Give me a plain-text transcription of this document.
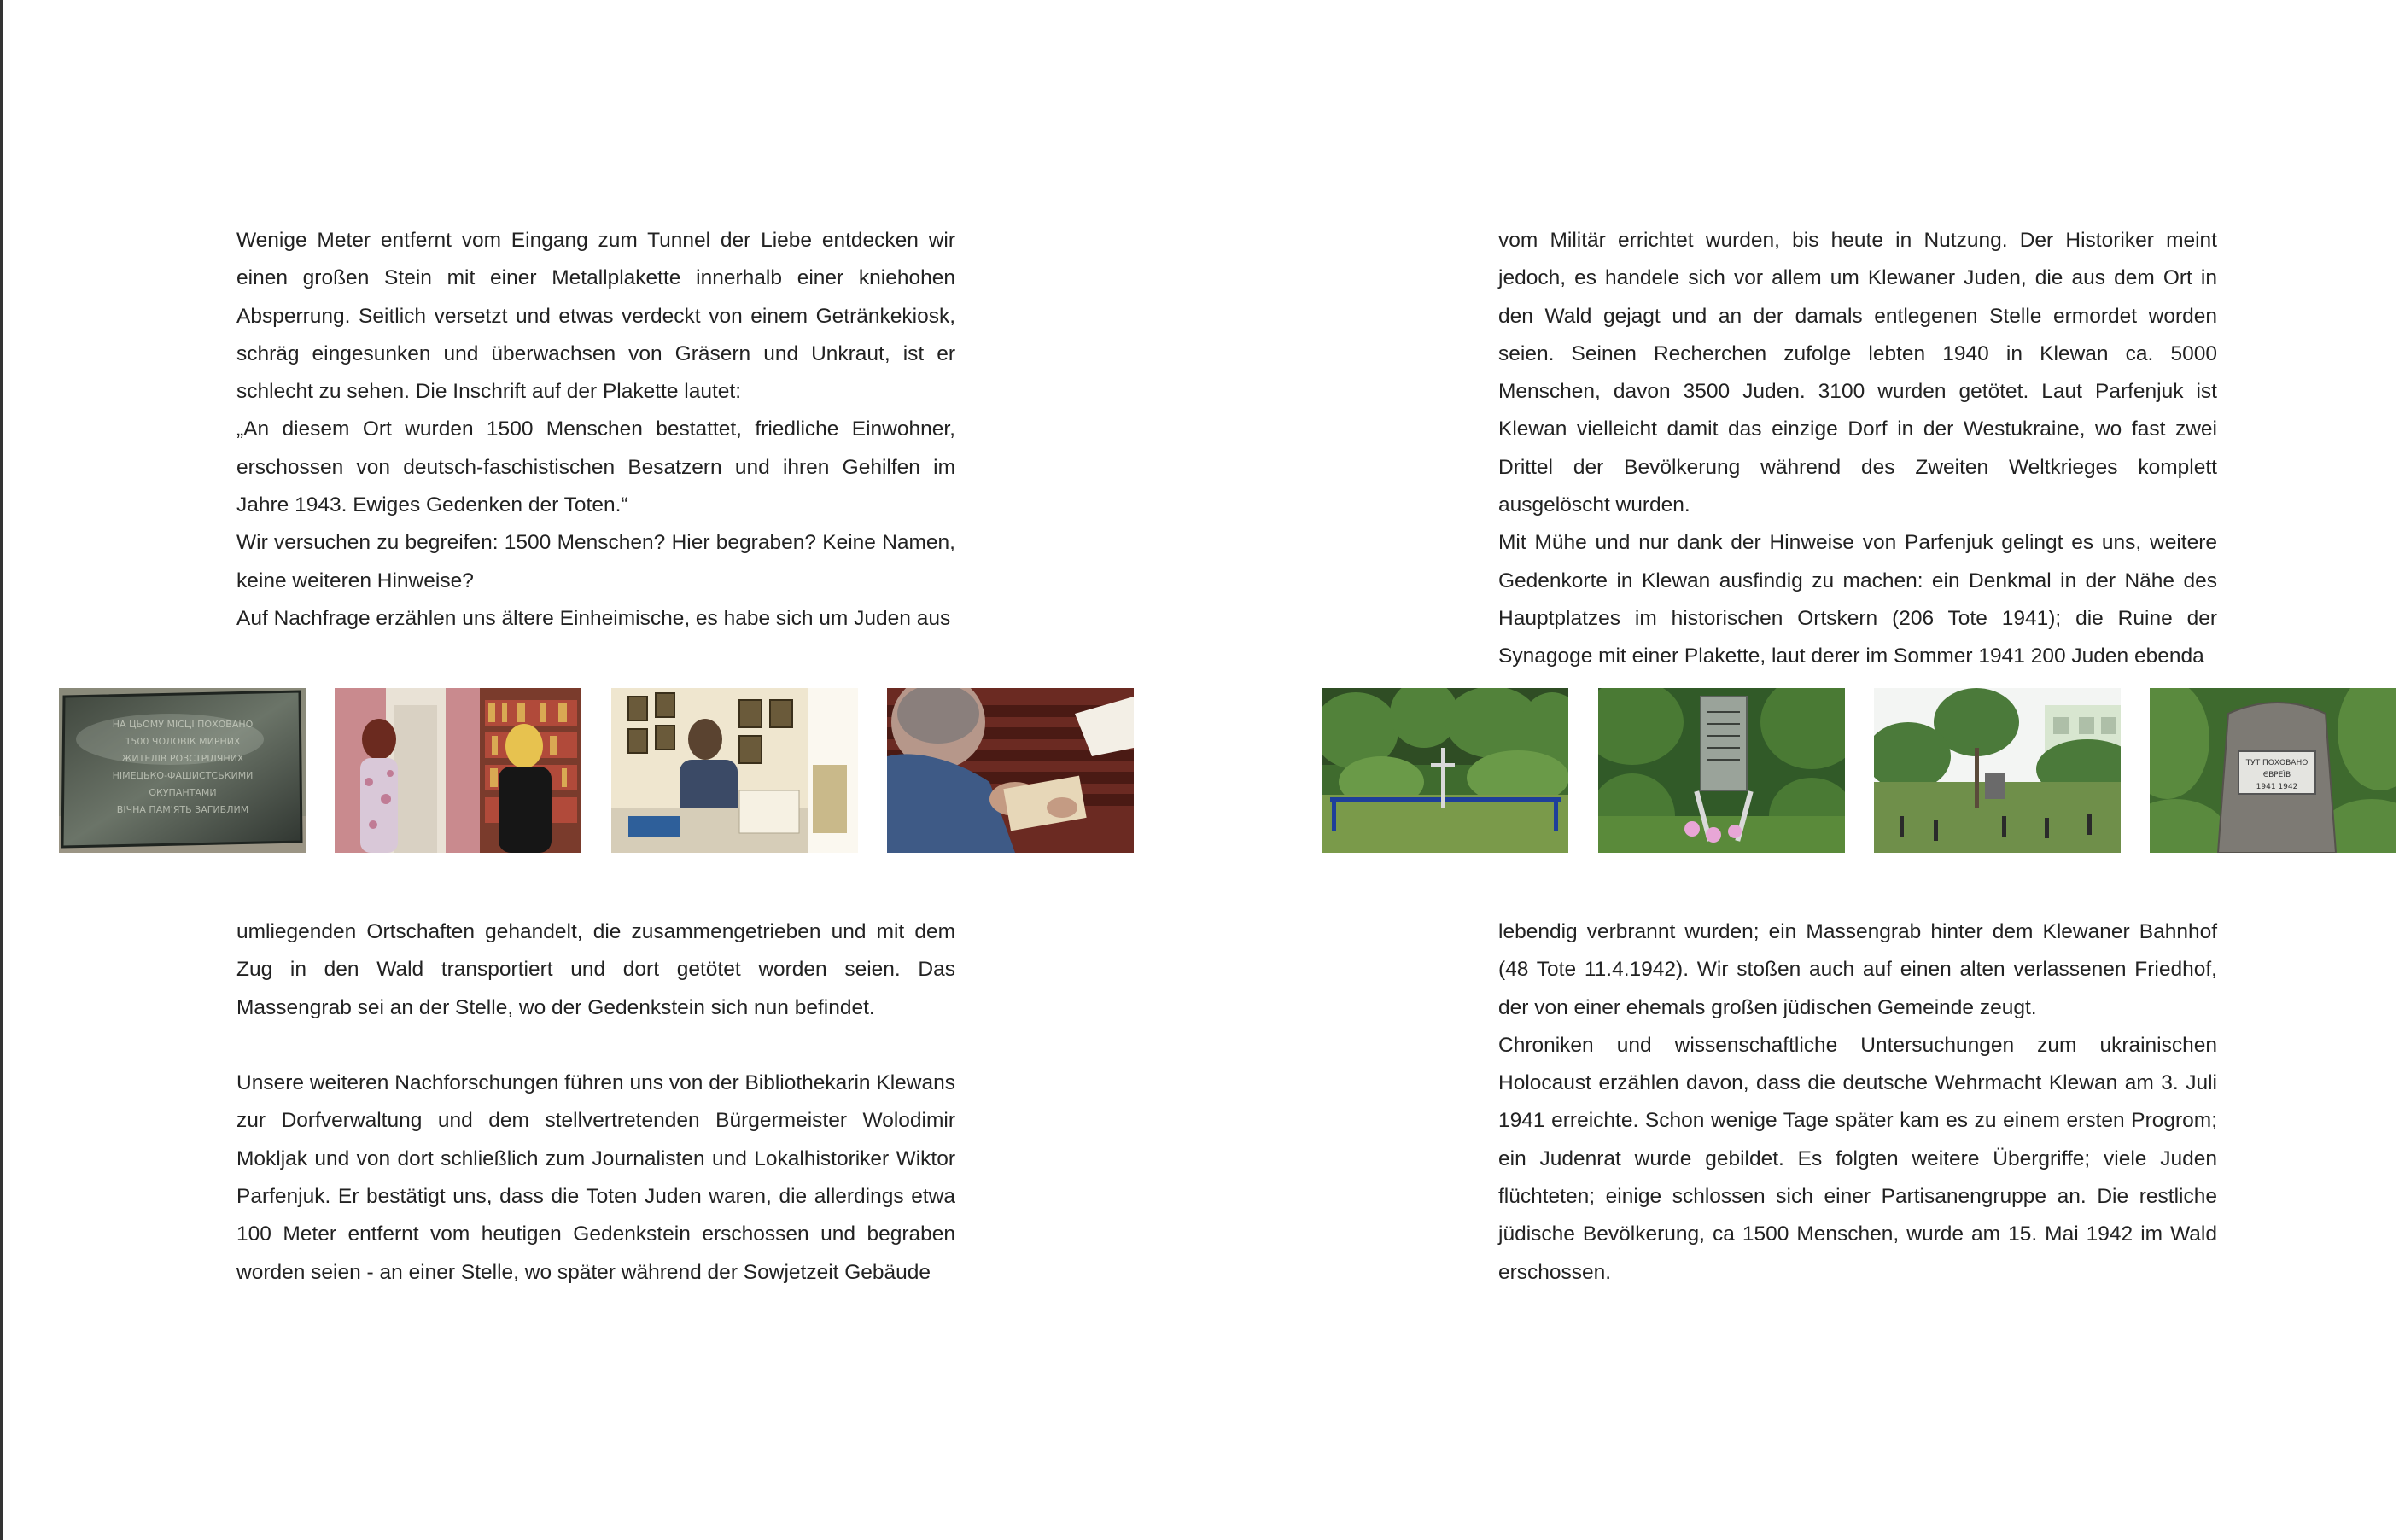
Wenige Meter entfernt vom Eingang zum Tunnel der Liebe entdecken wir einen großen Stein mit einer Metallplakette innerhalb einer kniehohen Absperrung. Seitlich versetzt und etwas verdeckt von einem Getränkekiosk, schräg eingesunken und überwachsen von Gräsern und Unkraut, ist er schlecht zu sehen. Die Inschrift auf der Plakette lautet:

„An diesem Ort wurden 1500 Menschen bestattet, friedliche Einwohner, erschossen von deutsch-faschistischen Besatzern und ihren Gehilfen im Jahre 1943. Ewiges Gedenken der Toten.“

Wir versuchen zu begreifen: 1500 Menschen? Hier begraben? Keine Namen, keine weiteren Hinweise?

Auf Nachfrage erzählen uns ältere Einheimische, es habe sich um Juden aus

vom Militär errichtet wurden, bis heute in Nutzung. Der Historiker meint jedoch, es handele sich vor allem um Klewaner Juden, die aus dem Ort in den Wald gejagt und an der damals entlegenen Stelle ermordet worden seien. Seinen Recherchen zufolge lebten 1940 in Klewan ca. 5000 Menschen, davon 3500 Juden. 3100 wurden getötet. Laut Parfenjuk ist Klewan vielleicht damit das einzige Dorf in der Westukraine, wo fast zwei Drittel der Bevölkerung während des Zweiten Weltkrieges komplett ausgelöscht wurden.

Mit Mühe und nur dank der Hinweise von Parfenjuk gelingt es uns, weitere Gedenkorte in Klewan ausfindig zu machen: ein Denkmal in der Nähe des Hauptplatzes im historischen Ortskern (206 Tote 1941); die Ruine der Synagoge mit einer Plakette, laut derer im Sommer 1941 200 Juden ebenda

НА ЦЬОМУ МІСЦІ ПОХОВАНО
1500 ЧОЛОВІК МИРНИХ
ЖИТЕЛІВ РОЗСТРІЛЯНИХ
НІМЕЦЬКО-ФАШИСТСЬКИМИ
ОКУПАНТАМИ
ВІЧНА ПАМ'ЯТЬ ЗАГИБЛИМ
ТУТ ПОХОВАНО
ЄВРЕЇВ
1941 1942

umliegenden Ortschaften gehandelt, die zusammengetrieben und mit dem Zug in den Wald transportiert und dort getötet worden seien. Das Massengrab sei an der Stelle, wo der Gedenkstein sich nun befindet.

Unsere weiteren Nachforschungen führen uns von der Bibliothekarin Klewans zur Dorfverwaltung und dem stellvertretenden Bürgermeister Wolodimir Mokljak und von dort schließlich zum Journalisten und Lokalhistoriker Wiktor Parfenjuk. Er bestätigt uns, dass die Toten Juden waren, die allerdings etwa 100 Meter entfernt vom heutigen Gedenkstein erschossen und begraben worden seien - an einer Stelle, wo später während der Sowjetzeit Gebäude

lebendig verbrannt wurden; ein Massengrab hinter dem Klewaner Bahnhof (48 Tote 11.4.1942). Wir stoßen auch auf einen alten verlassenen Friedhof, der von einer ehemals großen jüdischen Gemeinde zeugt.

Chroniken und wissenschaftliche Untersuchungen zum ukrainischen Holocaust erzählen davon, dass die deutsche Wehrmacht Klewan am 3. Juli 1941 erreichte. Schon wenige Tage später kam es zu einem ersten Progrom; ein Judenrat wurde gebildet. Es folgten weitere Übergriffe; viele Juden flüchteten; einige schlossen sich einer Partisanengruppe an. Die restliche jüdische Bevölkerung, ca 1500 Menschen, wurde am 15. Mai 1942 im Wald erschossen.
